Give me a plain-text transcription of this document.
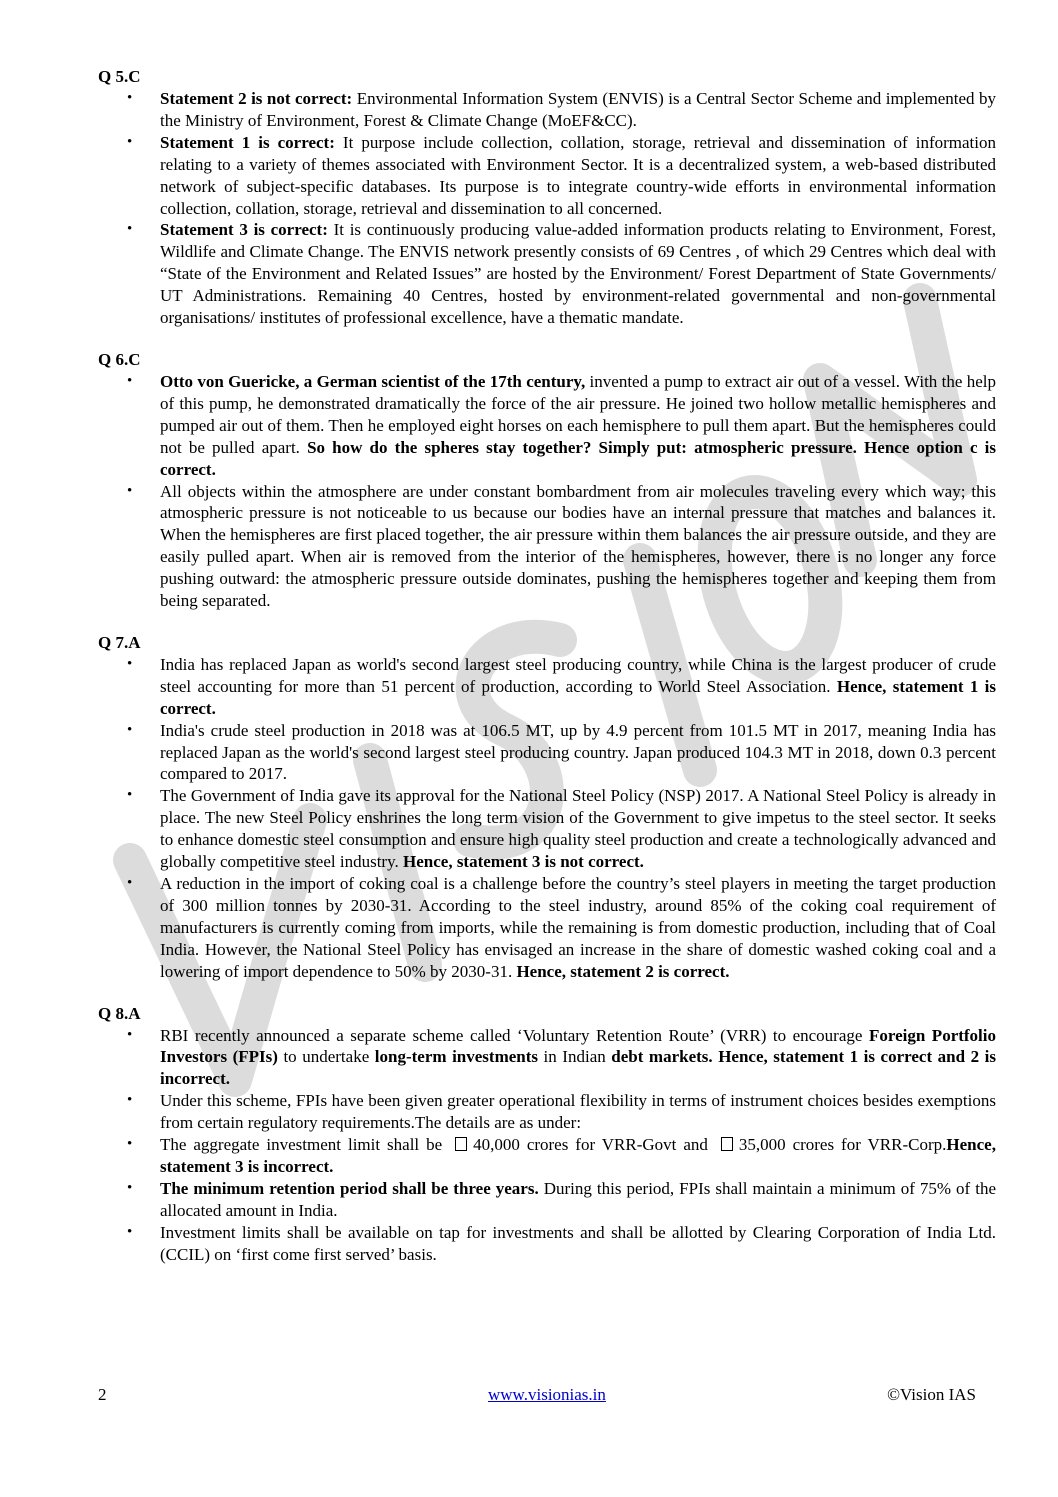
Q 5.C
• Statement 2 is not correct: Environmental Information System (ENVIS) is a Central Sector Scheme and implemented by the Ministry of Environment, Forest & Climate Change (MoEF&CC).
• Statement 1 is correct: It purpose include collection, collation, storage, retrieval and dissemination of information relating to a variety of themes associated with Environment Sector. It is a decentralized system, a web-based distributed network of subject-specific databases. Its purpose is to integrate country-wide efforts in environmental information collection, collation, storage, retrieval and dissemination to all concerned.
• Statement 3 is correct: It is continuously producing value-added information products relating to Environment, Forest, Wildlife and Climate Change. The ENVIS network presently consists of 69 Centres , of which 29 Centres which deal with “State of the Environment and Related Issues” are hosted by the Environment/ Forest Department of State Governments/ UT Administrations. Remaining 40 Centres, hosted by environment-related governmental and non-governmental organisations/ institutes of professional excellence, have a thematic mandate.
Q 6.C
• Otto von Guericke, a German scientist of the 17th century, invented a pump to extract air out of a vessel. With the help of this pump, he demonstrated dramatically the force of the air pressure. He joined two hollow metallic hemispheres and pumped air out of them. Then he employed eight horses on each hemisphere to pull them apart. But the hemispheres could not be pulled apart. So how do the spheres stay together? Simply put: atmospheric pressure. Hence option c is correct.
• All objects within the atmosphere are under constant bombardment from air molecules traveling every which way; this atmospheric pressure is not noticeable to us because our bodies have an internal pressure that matches and balances it. When the hemispheres are first placed together, the air pressure within them balances the air pressure outside, and they are easily pulled apart. When air is removed from the interior of the hemispheres, however, there is no longer any force pushing outward: the atmospheric pressure outside dominates, pushing the hemispheres together and keeping them from being separated.
Q 7.A
• India has replaced Japan as world's second largest steel producing country, while China is the largest producer of crude steel accounting for more than 51 percent of production, according to World Steel Association. Hence, statement 1 is correct.
• India's crude steel production in 2018 was at 106.5 MT, up by 4.9 percent from 101.5 MT in 2017, meaning India has replaced Japan as the world's second largest steel producing country. Japan produced 104.3 MT in 2018, down 0.3 percent compared to 2017.
• The Government of India gave its approval for the National Steel Policy (NSP) 2017. A National Steel Policy is already in place. The new Steel Policy enshrines the long term vision of the Government to give impetus to the steel sector. It seeks to enhance domestic steel consumption and ensure high quality steel production and create a technologically advanced and globally competitive steel industry. Hence, statement 3 is not correct.
• A reduction in the import of coking coal is a challenge before the country’s steel players in meeting the target production of 300 million tonnes by 2030-31. According to the steel industry, around 85% of the coking coal requirement of manufacturers is currently coming from imports, while the remaining is from domestic production, including that of Coal India. However, the National Steel Policy has envisaged an increase in the share of domestic washed coking coal and a lowering of import dependence to 50% by 2030-31. Hence, statement 2 is correct.
Q 8.A
• RBI recently announced a separate scheme called ‘Voluntary Retention Route’ (VRR) to encourage Foreign Portfolio Investors (FPIs) to undertake long-term investments in Indian debt markets. Hence, statement 1 is correct and 2 is incorrect.
• Under this scheme, FPIs have been given greater operational flexibility in terms of instrument choices besides exemptions from certain regulatory requirements.The details are as under:
• The aggregate investment limit shall be 40,000 crores for VRR-Govt and 35,000 crores for VRR-Corp.Hence, statement 3 is incorrect.
• The minimum retention period shall be three years. During this period, FPIs shall maintain a minimum of 75% of the allocated amount in India.
• Investment limits shall be available on tap for investments and shall be allotted by Clearing Corporation of India Ltd. (CCIL) on ‘first come first served’ basis.
2	www.visionias.in	©Vision IAS
